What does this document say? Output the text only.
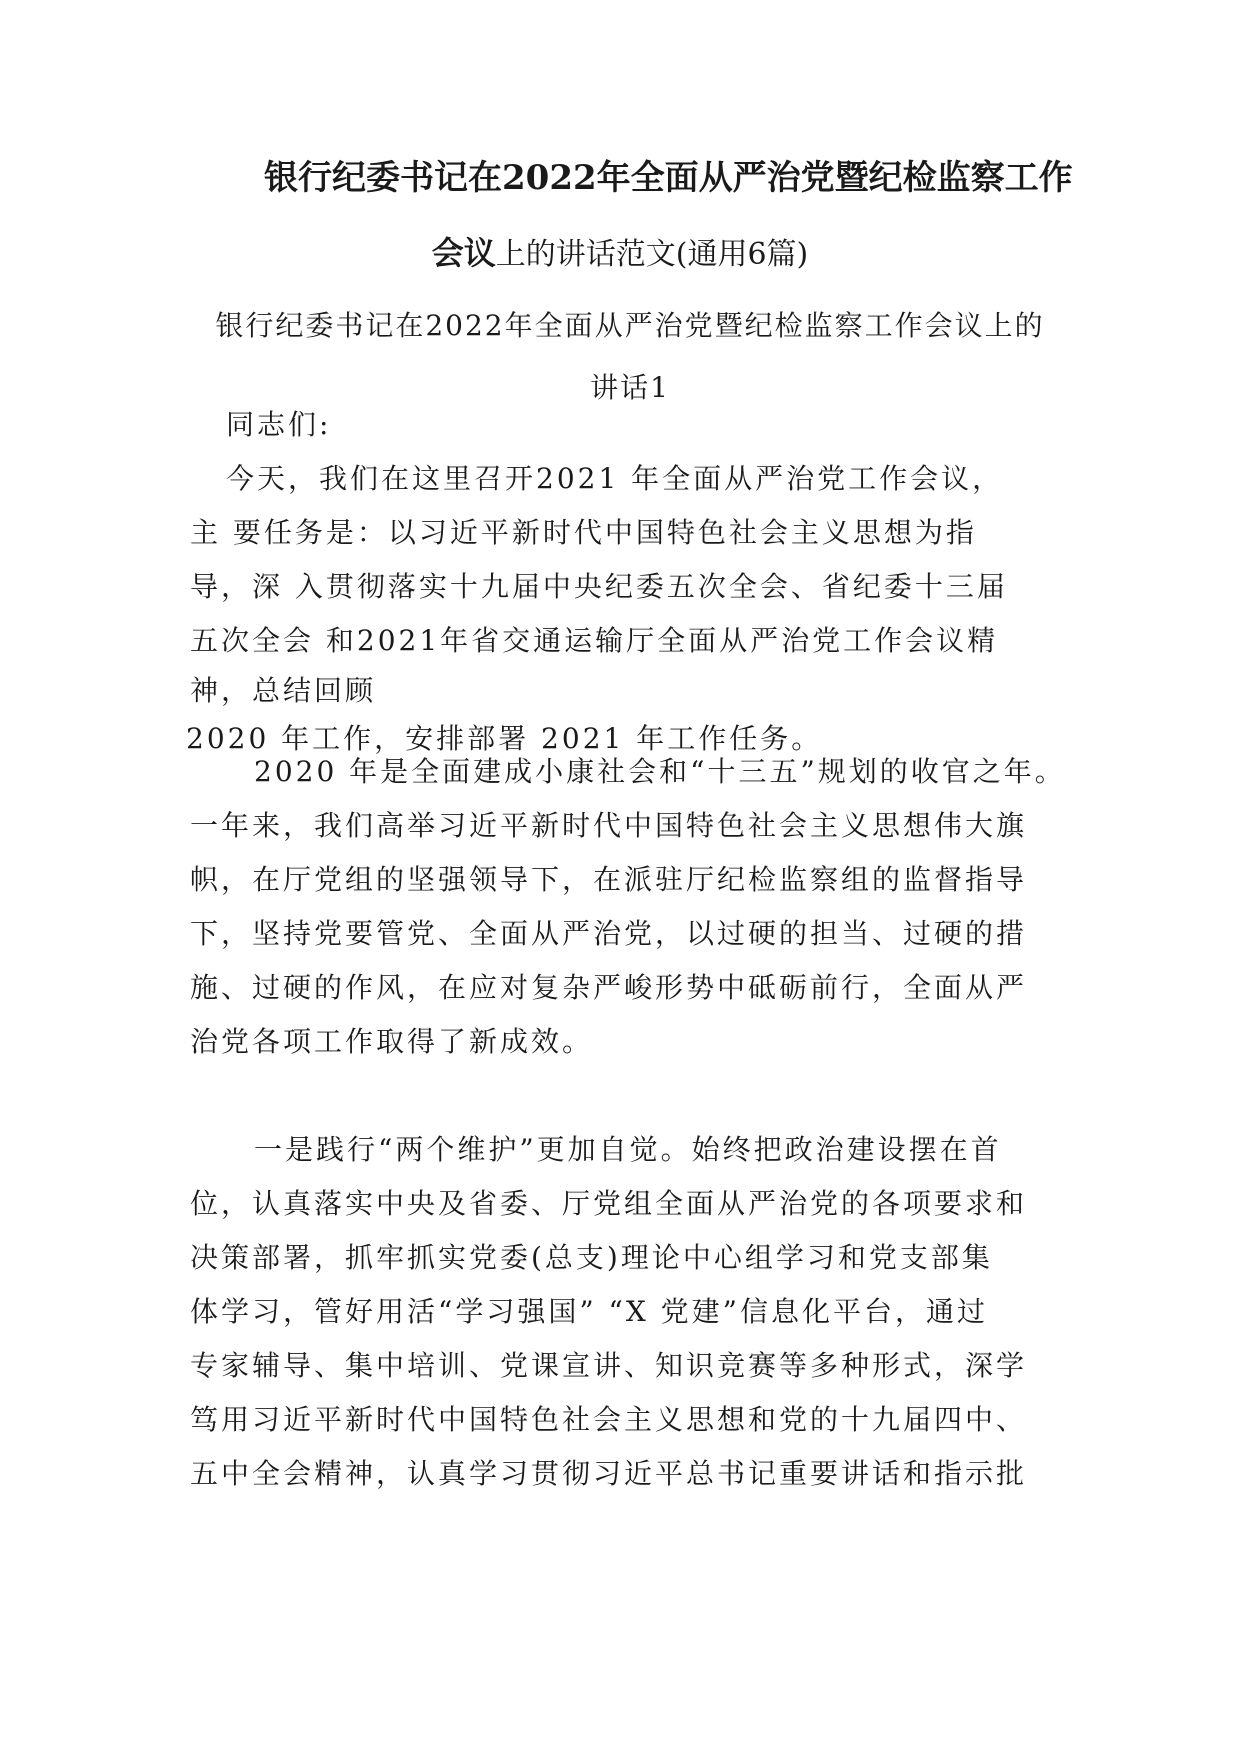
银行纪委书记在2022年全面从严治党暨纪检监察工作
会议上的讲话范文(通用6篇)
银行纪委书记在2022年全面从严治党暨纪检监察工作会议上的
讲话1
同志们:
今天，我们在这里召开2021 年全面从严治党工作会议，
主 要任务是：以习近平新时代中国特色社会主义思想为指
导，深 入贯彻落实十九届中央纪委五次全会、省纪委十三届
五次全会 和2021年省交通运输厅全面从严治党工作会议精
神，总结回顾
2020 年工作，安排部署 2021 年工作任务。
2020 年是全面建成小康社会和“十三五”规划的收官之年。
一年来，我们高举习近平新时代中国特色社会主义思想伟大旗
帜，在厅党组的坚强领导下，在派驻厅纪检监察组的监督指导
下，坚持党要管党、全面从严治党，以过硬的担当、过硬的措
施、过硬的作风，在应对复杂严峻形势中砥砺前行，全面从严
治党各项工作取得了新成效。
一是践行“两个维护”更加自觉。始终把政治建设摆在首
位，认真落实中央及省委、厅党组全面从严治党的各项要求和
决策部署，抓牢抓实党委(总支)理论中心组学习和党支部集
体学习，管好用活“学习强国” “X 党建”信息化平台，通过
专家辅导、集中培训、党课宣讲、知识竞赛等多种形式，深学
笃用习近平新时代中国特色社会主义思想和党的十九届四中、
五中全会精神，认真学习贯彻习近平总书记重要讲话和指示批
